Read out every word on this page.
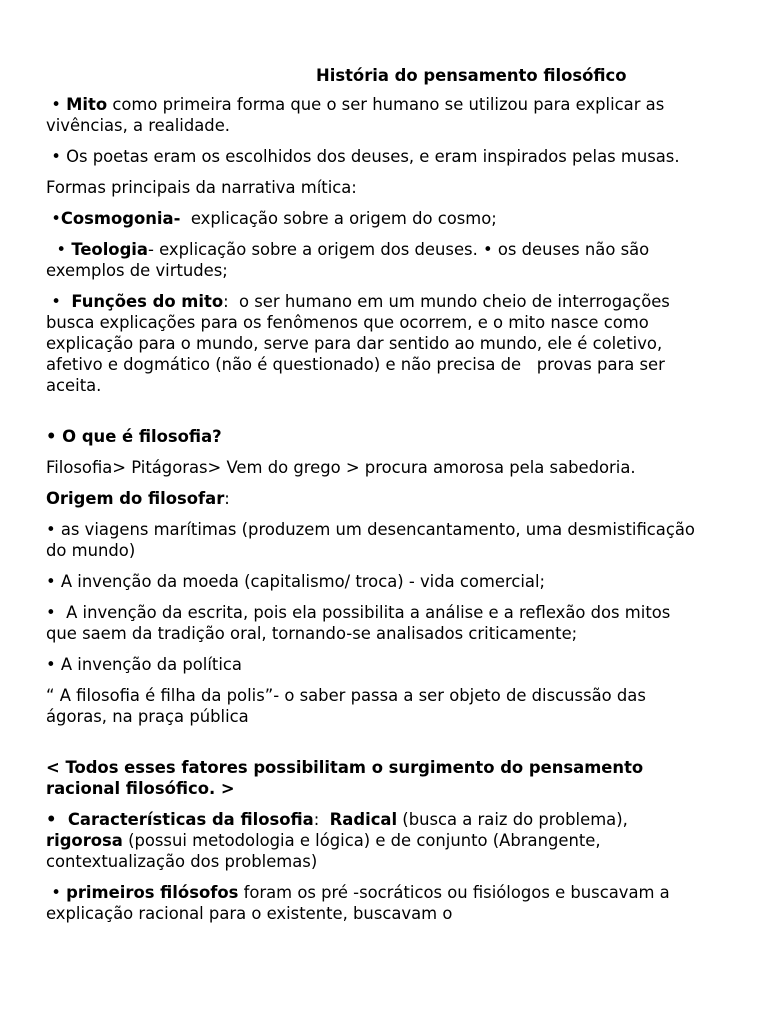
História do pensamento filosófico

• Mito como primeira forma que o ser humano se utilizou para explicar as vivências, a realidade.

• Os poetas eram os escolhidos dos deuses, e eram inspirados pelas musas.

Formas principais da narrativa mítica:

•Cosmogonia-  explicação sobre a origem do cosmo;

• Teologia- explicação sobre a origem dos deuses. • os deuses não são exemplos de virtudes;

•  Funções do mito:  o ser humano em um mundo cheio de interrogações busca explicações para os fenômenos que ocorrem, e o mito nasce como explicação para o mundo, serve para dar sentido ao mundo, ele é coletivo, afetivo e dogmático (não é questionado) e não precisa de   provas para ser aceita.

• O que é filosofia?

Filosofia> Pitágoras> Vem do grego > procura amorosa pela sabedoria.

Origem do filosofar:

• as viagens marítimas (produzem um desencantamento, uma desmistificação do mundo)

• A invenção da moeda (capitalismo/ troca) - vida comercial;

•  A invenção da escrita, pois ela possibilita a análise e a reflexão dos mitos que saem da tradição oral, tornando-se analisados criticamente;

• A invenção da política

“ A filosofia é filha da polis”- o saber passa a ser objeto de discussão das ágoras, na praça pública

< Todos esses fatores possibilitam o surgimento do pensamento racional filosófico. >

•  Características da filosofia:  Radical (busca a raiz do problema), rigorosa (possui metodologia e lógica) e de conjunto (Abrangente, contextualização dos problemas)

• primeiros filósofos foram os pré -socráticos ou fisiólogos e buscavam a explicação racional para o existente, buscavam o
